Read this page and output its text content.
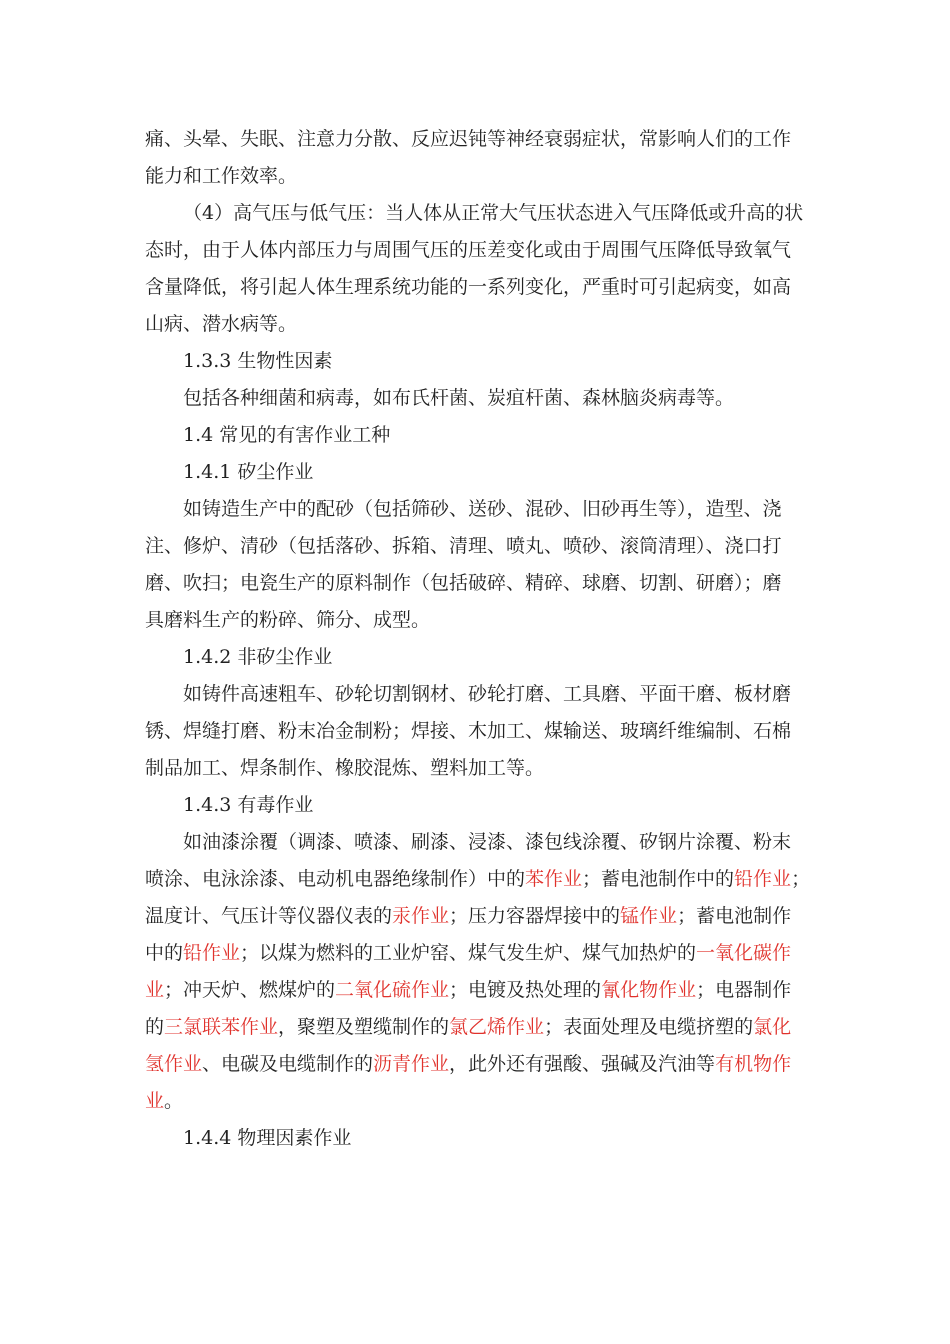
痛、头晕、失眠、注意力分散、反应迟钝等神经衰弱症状，常影响人们的工作
能力和工作效率。
（4）高气压与低气压：当人体从正常大气压状态进入气压降低或升高的状
态时，由于人体内部压力与周围气压的压差变化或由于周围气压降低导致氧气
含量降低，将引起人体生理系统功能的一系列变化，严重时可引起病变，如高
山病、潜水病等。
1.3.3 生物性因素
包括各种细菌和病毒，如布氏杆菌、炭疽杆菌、森林脑炎病毒等。
1.4 常见的有害作业工种
1.4.1 矽尘作业
如铸造生产中的配砂（包括筛砂、送砂、混砂、旧砂再生等），造型、浇
注、修炉、清砂（包括落砂、拆箱、清理、喷丸、喷砂、滚筒清理）、浇口打
磨、吹扫；电瓷生产的原料制作（包括破碎、精碎、球磨、切割、研磨）；磨
具磨料生产的粉碎、筛分、成型。
1.4.2 非矽尘作业
如铸件高速粗车、砂轮切割钢材、砂轮打磨、工具磨、平面干磨、板材磨
锈、焊缝打磨、粉末冶金制粉；焊接、木加工、煤输送、玻璃纤维编制、石棉
制品加工、焊条制作、橡胶混炼、塑料加工等。
1.4.3 有毒作业
如油漆涂覆（调漆、喷漆、刷漆、浸漆、漆包线涂覆、矽钢片涂覆、粉末
喷涂、电泳涂漆、电动机电器绝缘制作）中的苯作业；蓄电池制作中的铅作业；
温度计、气压计等仪器仪表的汞作业；压力容器焊接中的锰作业；蓄电池制作
中的铅作业；以煤为燃料的工业炉窑、煤气发生炉、煤气加热炉的一氧化碳作
业；冲天炉、燃煤炉的二氧化硫作业；电镀及热处理的氰化物作业；电器制作
的三氯联苯作业，聚塑及塑缆制作的氯乙烯作业；表面处理及电缆挤塑的氯化
氢作业、电碳及电缆制作的沥青作业，此外还有强酸、强碱及汽油等有机物作
业。
1.4.4 物理因素作业
